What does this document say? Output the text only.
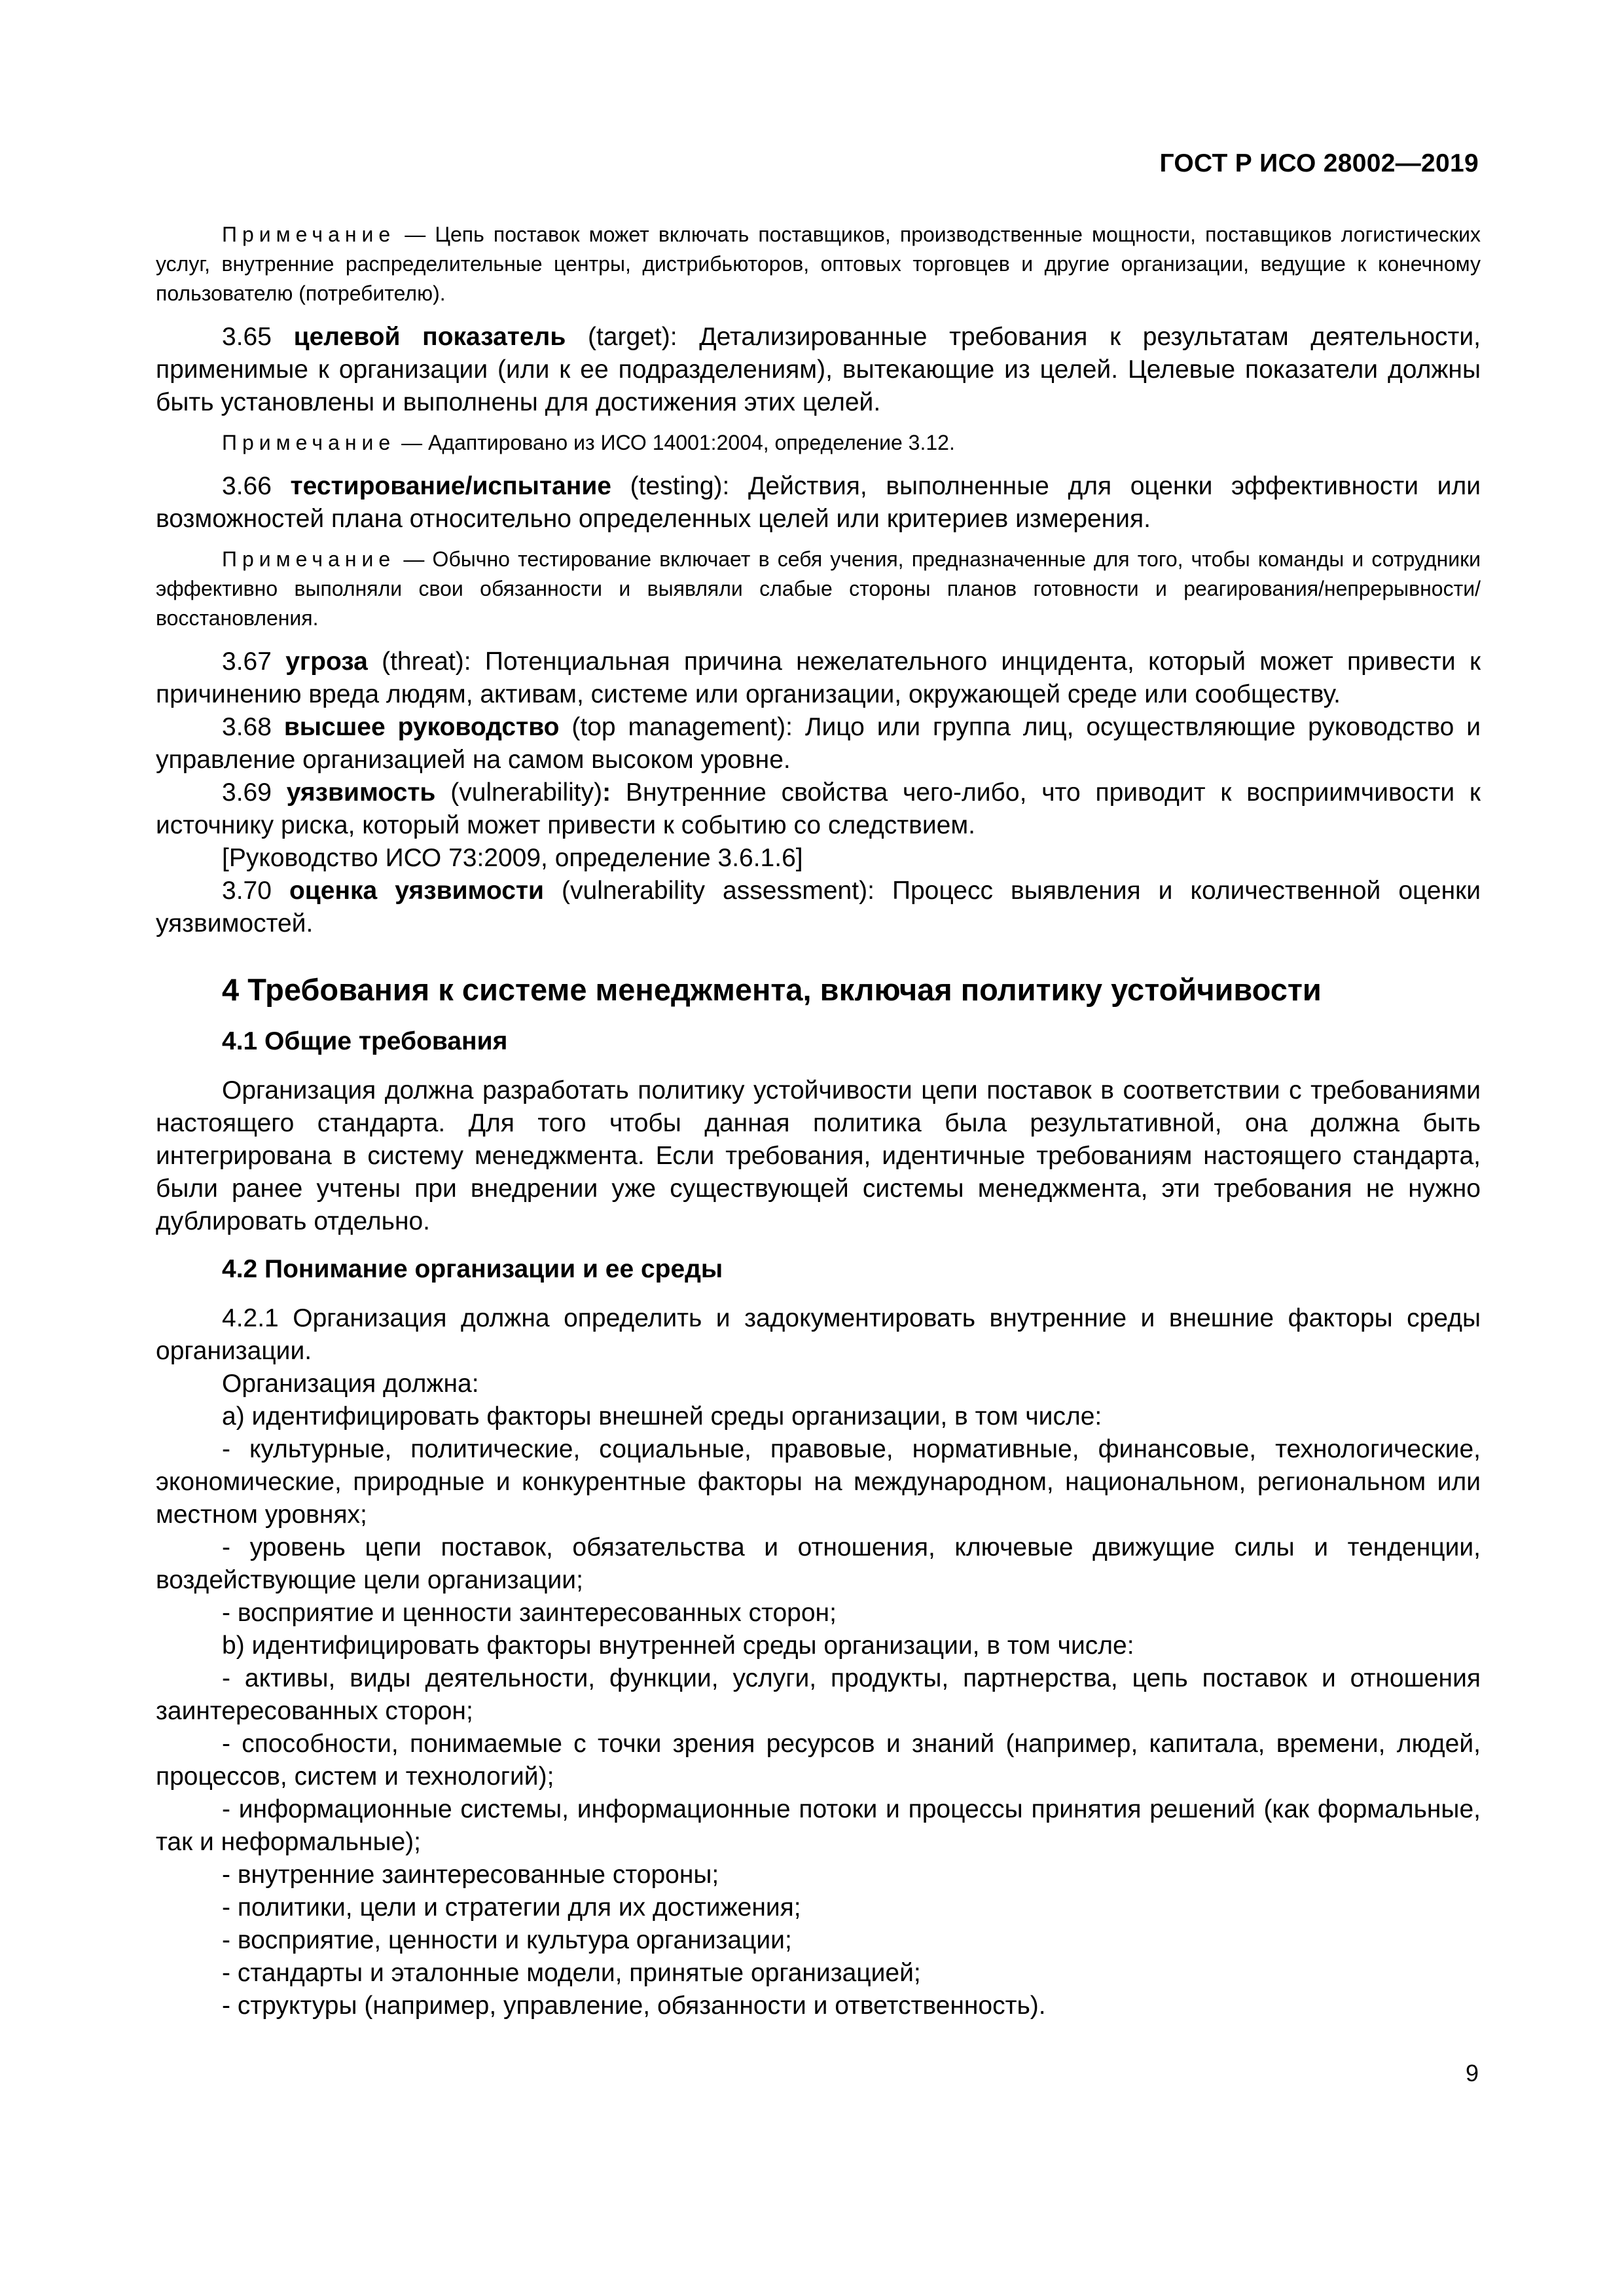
ГОСТ Р ИСО 28002—2019

Примечание — Цепь поставок может включать поставщиков, производственные мощности, поставщиков логистических услуг, внутренние распределительные центры, дистрибьюторов, оптовых торговцев и другие организации, ведущие к конечному пользователю (потребителю).

3.65 целевой показатель (target): Детализированные требования к результатам деятельности, применимые к организации (или к ее подразделениям), вытекающие из целей. Целевые показатели должны быть установлены и выполнены для достижения этих целей.

Примечание — Адаптировано из ИСО 14001:2004, определение 3.12.

3.66 тестирование/испытание (testing): Действия, выполненные для оценки эффективности или возможностей плана относительно определенных целей или критериев измерения.

Примечание — Обычно тестирование включает в себя учения, предназначенные для того, чтобы команды и сотрудники эффективно выполняли свои обязанности и выявляли слабые стороны планов готовности и реагирования/непрерывности/восстановления.

3.67 угроза (threat): Потенциальная причина нежелательного инцидента, который может привести к причинению вреда людям, активам, системе или организации, окружающей среде или сообществу.

3.68 высшее руководство (top management): Лицо или группа лиц, осуществляющие руководство и управление организацией на самом высоком уровне.

3.69 уязвимость (vulnerability): Внутренние свойства чего-либо, что приводит к восприимчивости к источнику риска, который может привести к событию со следствием.

[Руководство ИСО 73:2009, определение 3.6.1.6]

3.70 оценка уязвимости (vulnerability assessment): Процесс выявления и количественной оценки уязвимостей.

4 Требования к системе менеджмента, включая политику устойчивости
4.1 Общие требования

Организация должна разработать политику устойчивости цепи поставок в соответствии с требованиями настоящего стандарта. Для того чтобы данная политика была результативной, она должна быть интегрирована в систему менеджмента. Если требования, идентичные требованиям настоящего стандарта, были ранее учтены при внедрении уже существующей системы менеджмента, эти требования не нужно дублировать отдельно.

4.2 Понимание организации и ее среды

4.2.1 Организация должна определить и задокументировать внутренние и внешние факторы среды организации.

Организация должна:

а) идентифицировать факторы внешней среды организации, в том числе:

- культурные, политические, социальные, правовые, нормативные, финансовые, технологические, экономические, природные и конкурентные факторы на международном, национальном, региональном или местном уровнях;

- уровень цепи поставок, обязательства и отношения, ключевые движущие силы и тенденции, воздействующие цели организации;

- восприятие и ценности заинтересованных сторон;

b) идентифицировать факторы внутренней среды организации, в том числе:

- активы, виды деятельности, функции, услуги, продукты, партнерства, цепь поставок и отношения заинтересованных сторон;

- способности, понимаемые с точки зрения ресурсов и знаний (например, капитала, времени, людей, процессов, систем и технологий);

- информационные системы, информационные потоки и процессы принятия решений (как формальные, так и неформальные);

- внутренние заинтересованные стороны;

- политики, цели и стратегии для их достижения;

- восприятие, ценности и культура организации;

- стандарты и эталонные модели, принятые организацией;

- структуры (например, управление, обязанности и ответственность).

9
